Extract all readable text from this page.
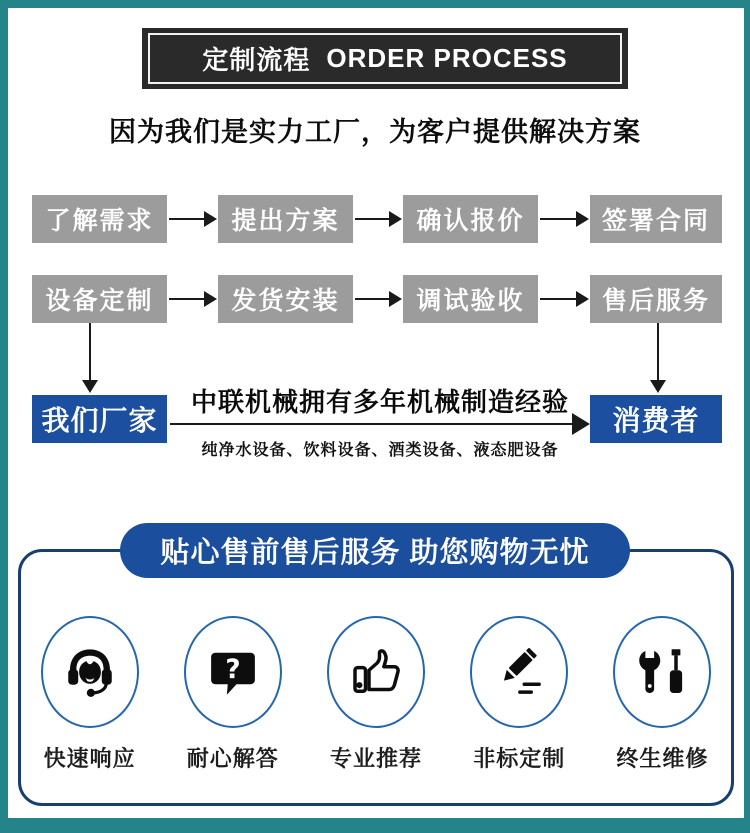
定制流程 ORDER PROCESS
因为我们是实力工厂，为客户提供解决方案
了解需求	提出方案	确认报价	签署合同
设备定制	发货安装	调试验收	售后服务
中联机械拥有多年机械制造经验
我们厂家	消费者
纯净水设备、饮料设备、酒类设备、液态肥设备
贴心售前售后服务 助您购物无忧
快速响应
?
耐心解答 专业推荐 非标定制 终生维修
